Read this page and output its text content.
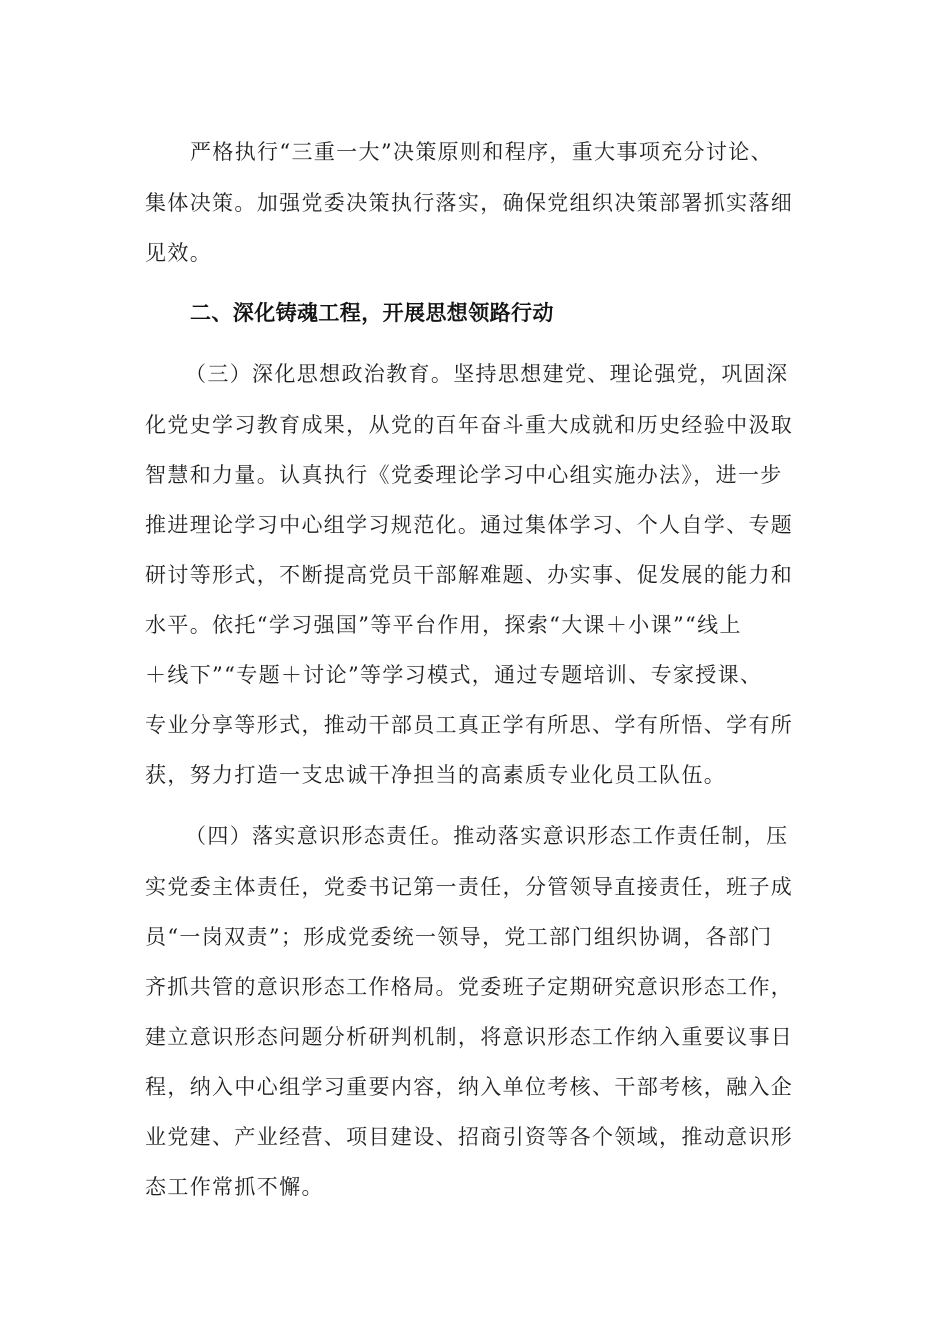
严格执行“三重一大”决策原则和程序，重大事项充分讨论、
集体决策。加强党委决策执行落实，确保党组织决策部署抓实落细
见效。
二、深化铸魂工程，开展思想领路行动
（三）深化思想政治教育。坚持思想建党、理论强党，巩固深
化党史学习教育成果，从党的百年奋斗重大成就和历史经验中汲取
智慧和力量。认真执行《党委理论学习中心组实施办法》，进一步
推进理论学习中心组学习规范化。通过集体学习、个人自学、专题
研讨等形式，不断提高党员干部解难题、办实事、促发展的能力和
水平。依托“学习强国”等平台作用，探索“大课＋小课”“线上
＋线下”“专题＋讨论”等学习模式，通过专题培训、专家授课、
专业分享等形式，推动干部员工真正学有所思、学有所悟、学有所
获，努力打造一支忠诚干净担当的高素质专业化员工队伍。
（四）落实意识形态责任。推动落实意识形态工作责任制，压
实党委主体责任，党委书记第一责任，分管领导直接责任，班子成
员“一岗双责”；形成党委统一领导，党工部门组织协调，各部门
齐抓共管的意识形态工作格局。党委班子定期研究意识形态工作，
建立意识形态问题分析研判机制，将意识形态工作纳入重要议事日
程，纳入中心组学习重要内容，纳入单位考核、干部考核，融入企
业党建、产业经营、项目建设、招商引资等各个领域，推动意识形
态工作常抓不懈。
